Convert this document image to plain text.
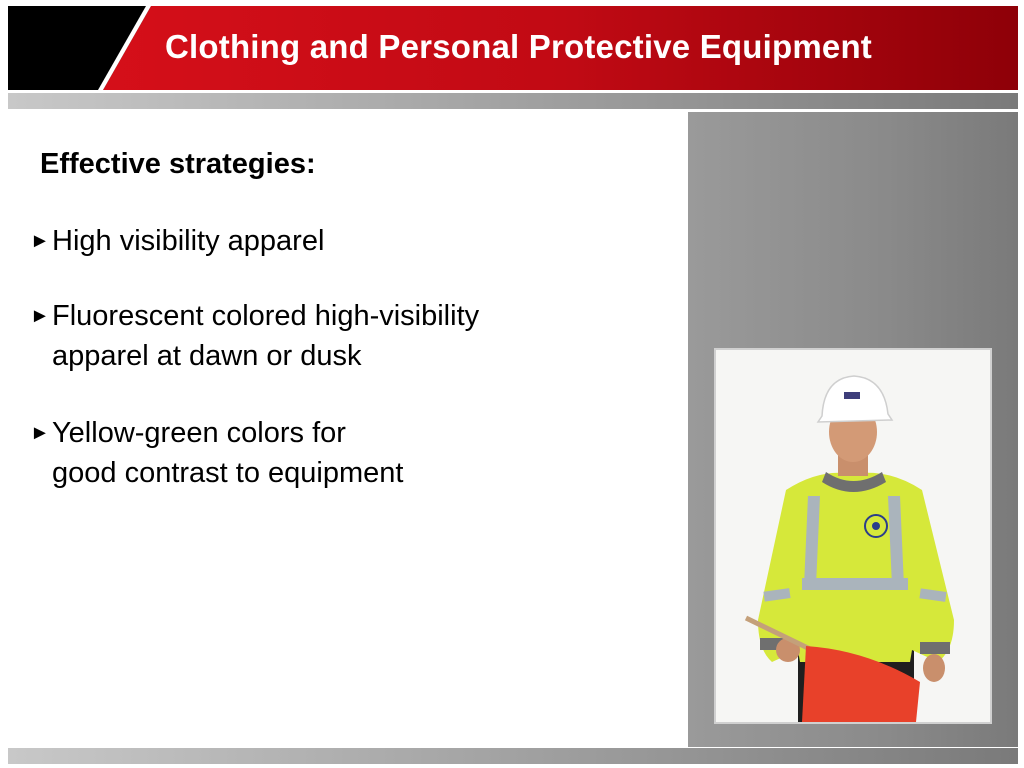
Clothing and Personal Protective Equipment
Effective strategies:
► High visibility apparel
► Fluorescent colored high-visibility
apparel at dawn or dusk
► Yellow-green colors for
good contrast to equipment
